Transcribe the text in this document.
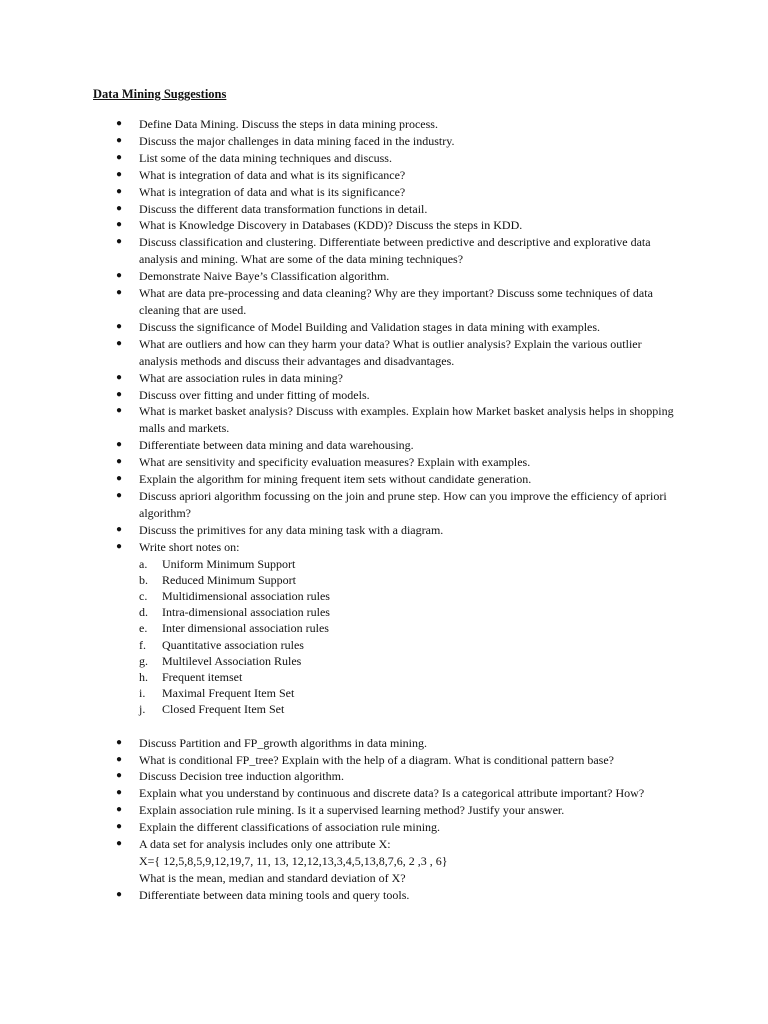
Data Mining Suggestions
● Define Data Mining. Discuss the steps in data mining process.
● Discuss the major challenges in data mining faced in the industry.
● List some of the data mining techniques and discuss.
● What is integration of data and what is its significance?
● What is integration of data and what is its significance?
● Discuss the different data transformation functions in detail.
● What is Knowledge Discovery in Databases (KDD)? Discuss the steps in KDD.
● Discuss classification and clustering. Differentiate between predictive and descriptive and explorative data analysis and mining. What are some of the data mining techniques?
● Demonstrate Naive Baye’s Classification algorithm.
● What are data pre-processing and data cleaning? Why are they important? Discuss some techniques of data cleaning that are used.
● Discuss the significance of Model Building and Validation stages in data mining with examples.
● What are outliers and how can they harm your data? What is outlier analysis? Explain the various outlier analysis methods and discuss their advantages and disadvantages.
● What are association rules in data mining?
● Discuss over fitting and under fitting of models.
● What is market basket analysis? Discuss with examples. Explain how Market basket analysis helps in shopping malls and markets.
● Differentiate between data mining and data warehousing.
● What are sensitivity and specificity evaluation measures? Explain with examples.
● Explain the algorithm for mining frequent item sets without candidate generation.
● Discuss apriori algorithm focussing on the join and prune step. How can you improve the efficiency of apriori algorithm?
● Discuss the primitives for any data mining task with a diagram.
● Write short notes on:
a. Uniform Minimum Support
b. Reduced Minimum Support
c. Multidimensional association rules
d. Intra-dimensional association rules
e. Inter dimensional association rules
f. Quantitative association rules
g. Multilevel Association Rules
h. Frequent itemset
i. Maximal Frequent Item Set
j. Closed Frequent Item Set
● Discuss Partition and FP_growth algorithms in data mining.
● What is conditional FP_tree? Explain with the help of a diagram. What is conditional pattern base?
● Discuss Decision tree induction algorithm.
● Explain what you understand by continuous and discrete data? Is a categorical attribute important? How?
● Explain association rule mining. Is it a supervised learning method? Justify your answer.
● Explain the different classifications of association rule mining.
● A data set for analysis includes only one attribute X:
X={ 12,5,8,5,9,12,19,7, 11, 13, 12,12,13,3,4,5,13,8,7,6, 2 ,3 , 6}
What is the mean, median and standard deviation of X?
● Differentiate between data mining tools and query tools.
